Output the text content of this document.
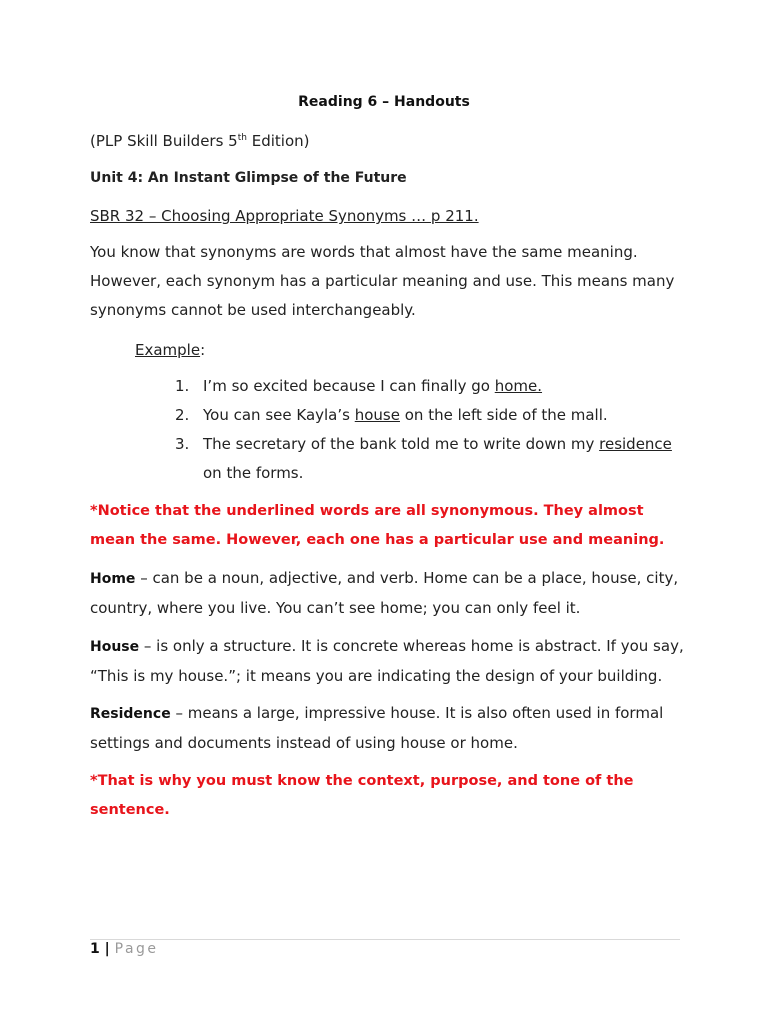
Reading 6 – Handouts
(PLP Skill Builders 5th Edition)
Unit 4: An Instant Glimpse of the Future
SBR 32 – Choosing Appropriate Synonyms … p 211.
You know that synonyms are words that almost have the same meaning. However, each synonym has a particular meaning and use. This means many synonyms cannot be used interchangeably.
Example:
1. I’m so excited because I can finally go home.
2. You can see Kayla’s house on the left side of the mall.
3. The secretary of the bank told me to write down my residence on the forms.
*Notice that the underlined words are all synonymous. They almost mean the same. However, each one has a particular use and meaning.
Home – can be a noun, adjective, and verb. Home can be a place, house, city, country, where you live. You can’t see home; you can only feel it.
House – is only a structure. It is concrete whereas home is abstract. If you say, “This is my house.”; it means you are indicating the design of your building.
Residence – means a large, impressive house. It is also often used in formal settings and documents instead of using house or home.
*That is why you must know the context, purpose, and tone of the sentence.
1 | Page
